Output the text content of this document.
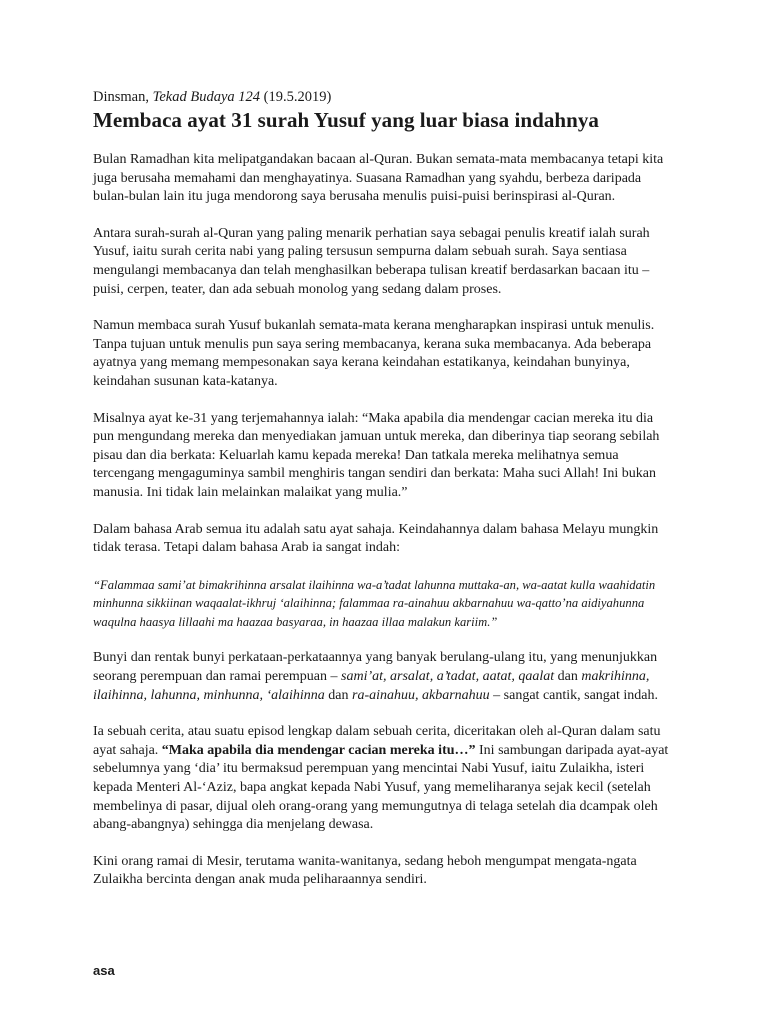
Dinsman, Tekad Budaya 124 (19.5.2019)

Membaca ayat 31 surah Yusuf yang luar biasa indahnya

Bulan Ramadhan kita melipatgandakan bacaan al-Quran. Bukan semata-mata membacanya tetapi kita juga berusaha memahami dan menghayatinya. Suasana Ramadhan yang syahdu, berbeza daripada bulan-bulan lain itu juga mendorong saya berusaha menulis puisi-puisi berinspirasi al-Quran.

Antara surah-surah al-Quran yang paling menarik perhatian saya sebagai penulis kreatif ialah surah Yusuf, iaitu surah cerita nabi yang paling tersusun sempurna dalam sebuah surah. Saya sentiasa mengulangi membacanya dan telah menghasilkan beberapa tulisan kreatif berdasarkan bacaan itu – puisi, cerpen, teater, dan ada sebuah monolog yang sedang dalam proses.

Namun membaca surah Yusuf bukanlah semata-mata kerana mengharapkan inspirasi untuk menulis. Tanpa tujuan untuk menulis pun saya sering membacanya, kerana suka membacanya. Ada beberapa ayatnya yang memang mempesonakan saya kerana keindahan estatikanya, keindahan bunyinya, keindahan susunan kata-katanya.

Misalnya ayat ke-31 yang terjemahannya ialah: “Maka apabila dia mendengar cacian mereka itu dia pun mengundang mereka dan menyediakan jamuan untuk mereka, dan diberinya tiap seorang sebilah pisau dan dia berkata: Keluarlah kamu kepada mereka! Dan tatkala mereka melihatnya semua tercengang mengaguminya sambil menghiris tangan sendiri dan berkata: Maha suci Allah! Ini bukan manusia. Ini tidak lain melainkan malaikat yang mulia.”

Dalam bahasa Arab semua itu adalah satu ayat sahaja. Keindahannya dalam bahasa Melayu mungkin tidak terasa. Tetapi dalam bahasa Arab ia sangat indah:

“Falammaa sami’at bimakrihinna arsalat ilaihinna wa-a’tadat lahunna muttaka-an, wa-aatat kulla waahidatin minhunna sikkiinan waqaalat-ikhruj ‘alaihinna; falammaa ra-ainahuu akbarnahuu wa-qatto’na aidiyahunna waqulna haasya lillaahi ma haazaa basyaraa, in haazaa illaa malakun kariim.”

Bunyi dan rentak bunyi perkataan-perkataannya yang banyak berulang-ulang itu, yang menunjukkan seorang perempuan dan ramai perempuan – sami’at, arsalat, a’tadat, aatat, qaalat dan makrihinna, ilaihinna, lahunna, minhunna, ‘alaihinna dan ra-ainahuu, akbarnahuu – sangat cantik, sangat indah.

Ia sebuah cerita, atau suatu episod lengkap dalam sebuah cerita, diceritakan oleh al-Quran dalam satu ayat sahaja. “Maka apabila dia mendengar cacian mereka itu…” Ini sambungan daripada ayat-ayat sebelumnya yang ‘dia’ itu bermaksud perempuan yang mencintai Nabi Yusuf, iaitu Zulaikha, isteri kepada Menteri Al-‘Aziz, bapa angkat kepada Nabi Yusuf, yang memeliharanya sejak kecil (setelah membelinya di pasar, dijual oleh orang-orang yang memungutnya di telaga setelah dia dcampak oleh abang-abangnya) sehingga dia menjelang dewasa.

Kini orang ramai di Mesir, terutama wanita-wanitanya, sedang heboh mengumpat mengata-ngata Zulaikha bercinta dengan anak muda peliharaannya sendiri.

asa
